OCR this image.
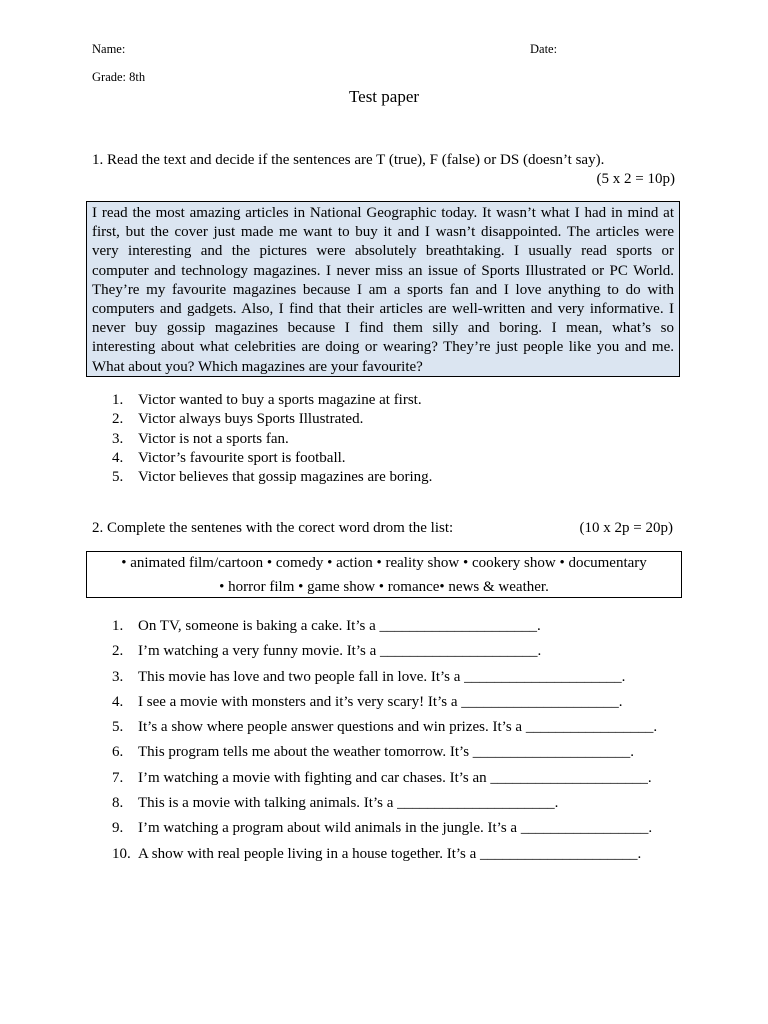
Name:	Date:
Grade: 8th
Test paper
1. Read the text and decide if the sentences are T (true), F (false) or DS (doesn’t say).
(5 x 2 = 10p)
I read the most amazing articles in National Geographic today. It wasn’t what I had in mind at
first, but the cover just made me want to buy it and I wasn’t disappointed. The articles were
very interesting and the pictures were absolutely breathtaking. I usually read sports or
computer and technology magazines. I never miss an issue of Sports Illustrated or PC World.
They’re my favourite magazines because I am a sports fan and I love anything to do with
computers and gadgets. Also, I find that their articles are well-written and very informative. I
never buy gossip magazines because I find them silly and boring. I mean, what’s so
interesting about what celebrities are doing or wearing? They’re just people like you and me.
What about you? Which magazines are your favourite?
1. Victor wanted to buy a sports magazine at first.
2. Victor always buys Sports Illustrated.
3. Victor is not a sports fan.
4. Victor’s favourite sport is football.
5. Victor believes that gossip magazines are boring.
2. Complete the sentenes with the corect word drom the list:	(10 x 2p = 20p)
• animated film/cartoon • comedy • action • reality show • cookery show • documentary
• horror film • game show • romance• news & weather.
1. On TV, someone is baking a cake. It’s a _____________________.
2. I’m watching a very funny movie. It’s a _____________________.
3. This movie has love and two people fall in love. It’s a _____________________.
4. I see a movie with monsters and it’s very scary! It’s a _____________________.
5. It’s a show where people answer questions and win prizes. It’s a _________________.
6. This program tells me about the weather tomorrow. It’s _____________________.
7. I’m watching a movie with fighting and car chases. It’s an _____________________.
8. This is a movie with talking animals. It’s a _____________________.
9. I’m watching a program about wild animals in the jungle. It’s a _________________.
10. A show with real people living in a house together. It’s a _____________________.
